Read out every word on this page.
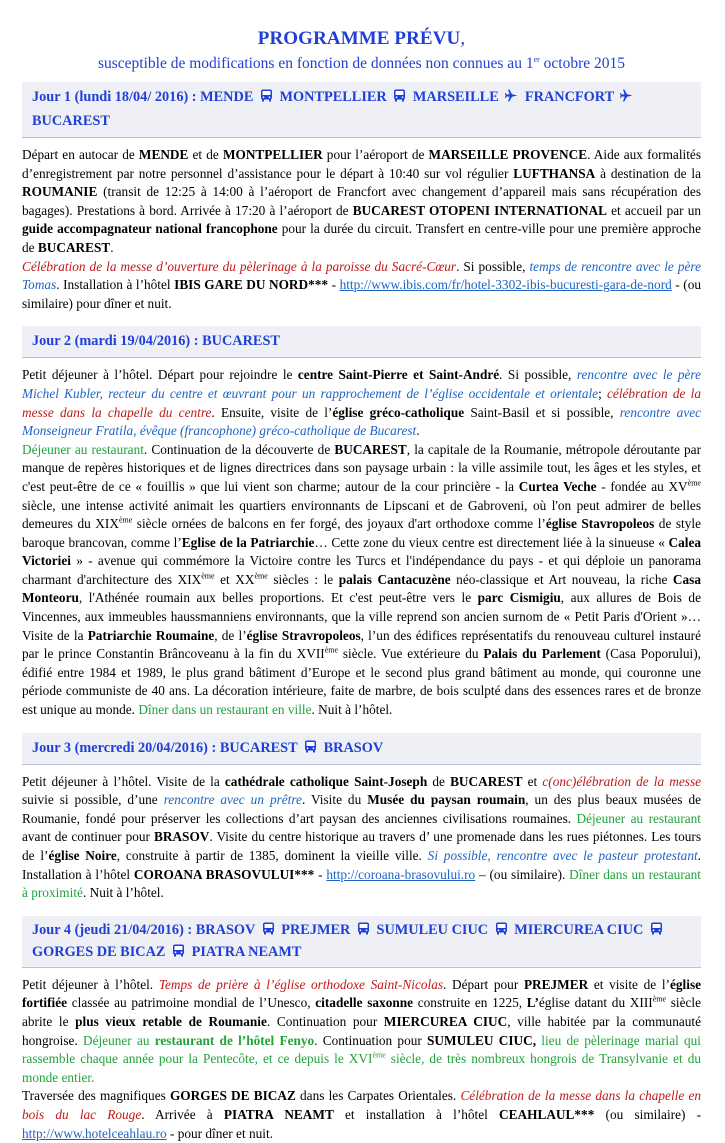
PROGRAMME PRÉVU,
susceptible de modifications en fonction de données non connues au 1er octobre 2015
Jour 1 (lundi 18/04/ 2016) : MENDE MONTPELLIER MARSEILLE FRANCFORT
BUCAREST

Départ en autocar de MENDE et de MONTPELLIER pour l’aéroport de MARSEILLE PROVENCE. Aide aux formalités d’enregistrement par notre personnel d’assistance pour le départ à 10:40 sur vol régulier LUFTHANSA à destination de la ROUMANIE (transit de 12:25 à 14:00 à l’aéroport de Francfort avec changement d’appareil mais sans récupération des bagages). Prestations à bord. Arrivée à 17:20 à l’aéroport de BUCAREST OTOPENI INTERNATIONAL et accueil par un guide accompagnateur national francophone pour la durée du circuit. Transfert en centre-ville pour une première approche de BUCAREST.

Célébration de la messe d’ouverture du pèlerinage à la paroisse du Sacré-Cœur. Si possible, temps de rencontre avec le père Tomas. Installation à l’hôtel IBIS GARE DU NORD*** - http://www.ibis.com/fr/hotel-3302-ibis-bucuresti-gara-de-nord - (ou similaire) pour dîner et nuit.

Jour 2 (mardi 19/04/2016) : BUCAREST

Petit déjeuner à l’hôtel. Départ pour rejoindre le centre Saint-Pierre et Saint-André. Si possible, rencontre avec le père Michel Kubler, recteur du centre et œuvrant pour un rapprochement de l’église occidentale et orientale; célébration de la messe dans la chapelle du centre. Ensuite, visite de l’église gréco-catholique Saint-Basil et si possible, rencontre avec Monseigneur Fratila, évêque (francophone) gréco-catholique de Bucarest.

Déjeuner au restaurant. Continuation de la découverte de BUCAREST, la capitale de la Roumanie, métropole déroutante par manque de repères historiques et de lignes directrices dans son paysage urbain : la ville assimile tout, les âges et les styles, et c'est peut-être de ce « fouillis » que lui vient son charme; autour de la cour princière - la Curtea Veche - fondée au XVème siècle, une intense activité animait les quartiers environnants de Lipscani et de Gabroveni, où l'on peut admirer de belles demeures du XIXème siècle ornées de balcons en fer forgé, des joyaux d'art orthodoxe comme l’église Stavropoleos de style baroque brancovan, comme l’Eglise de la Patriarchie… Cette zone du vieux centre est directement liée à la sinueuse « Calea Victoriei » - avenue qui commémore la Victoire contre les Turcs et l'indépendance du pays - et qui déploie un panorama charmant d'architecture des XIXème et XXème siècles : le palais Cantacuzène néo-classique et Art nouveau, la riche Casa Monteoru, l'Athénée roumain aux belles proportions. Et c'est peut-être vers le parc Cismigiu, aux allures de Bois de Vincennes, aux immeubles haussmanniens environnants, que la ville reprend son ancien surnom de « Petit Paris d'Orient »… Visite de la Patriarchie Roumaine, de l’église Stravropoleos, l’un des édifices représentatifs du renouveau culturel instauré par le prince Constantin Brâncoveanu à la fin du XVIIème siècle. Vue extérieure du Palais du Parlement (Casa Poporului), édifié entre 1984 et 1989, le plus grand bâtiment d’Europe et le second plus grand bâtiment au monde, qui couronne une période communiste de 40 ans. La décoration intérieure, faite de marbre, de bois sculpté dans des essences rares et de bronze est unique au monde. Dîner dans un restaurant en ville. Nuit à l’hôtel.

Jour 3 (mercredi 20/04/2016) : BUCAREST BRASOV

Petit déjeuner à l’hôtel. Visite de la cathédrale catholique Saint-Joseph de BUCAREST et c(onc)élébration de la messe suivie si possible, d’une rencontre avec un prêtre. Visite du Musée du paysan roumain, un des plus beaux musées de Roumanie, fondé pour préserver les collections d’art paysan des anciennes civilisations roumaines. Déjeuner au restaurant avant de continuer pour BRASOV. Visite du centre historique au travers d’ une promenade dans les rues piétonnes. Les tours de l’église Noire, construite à partir de 1385, dominent la vieille ville. Si possible, rencontre avec le pasteur protestant. Installation à l’hôtel COROANA BRASOVULUI*** - http://coroana-brasovului.ro – (ou similaire). Dîner dans un restaurant à proximité. Nuit à l’hôtel.

Jour 4 (jeudi 21/04/2016) : BRASOV PREJMER SUMULEU CIUC MIERCUREA CIUC
GORGES DE BICAZ PIATRA NEAMT

Petit déjeuner à l’hôtel. Temps de prière à l’église orthodoxe Saint-Nicolas. Départ pour PREJMER et visite de l’église fortifiée classée au patrimoine mondial de l’Unesco, citadelle saxonne construite en 1225, L’église datant du XIIIème siècle abrite le plus vieux retable de Roumanie. Continuation pour MIERCUREA CIUC, ville habitée par la communauté hongroise. Déjeuner au restaurant de l’hôtel Fenyo. Continuation pour SUMULEU CIUC, lieu de pèlerinage marial qui rassemble chaque année pour la Pentecôte, et ce depuis le XVIème siècle, de très nombreux hongrois de Transylvanie et du monde entier.

Traversée des magnifiques GORGES DE BICAZ dans les Carpates Orientales. Célébration de la messe dans la chapelle en bois du lac Rouge. Arrivée à PIATRA NEAMT et installation à l’hôtel CEAHLAUL*** (ou similaire) - http://www.hotelceahlau.ro - pour dîner et nuit.
